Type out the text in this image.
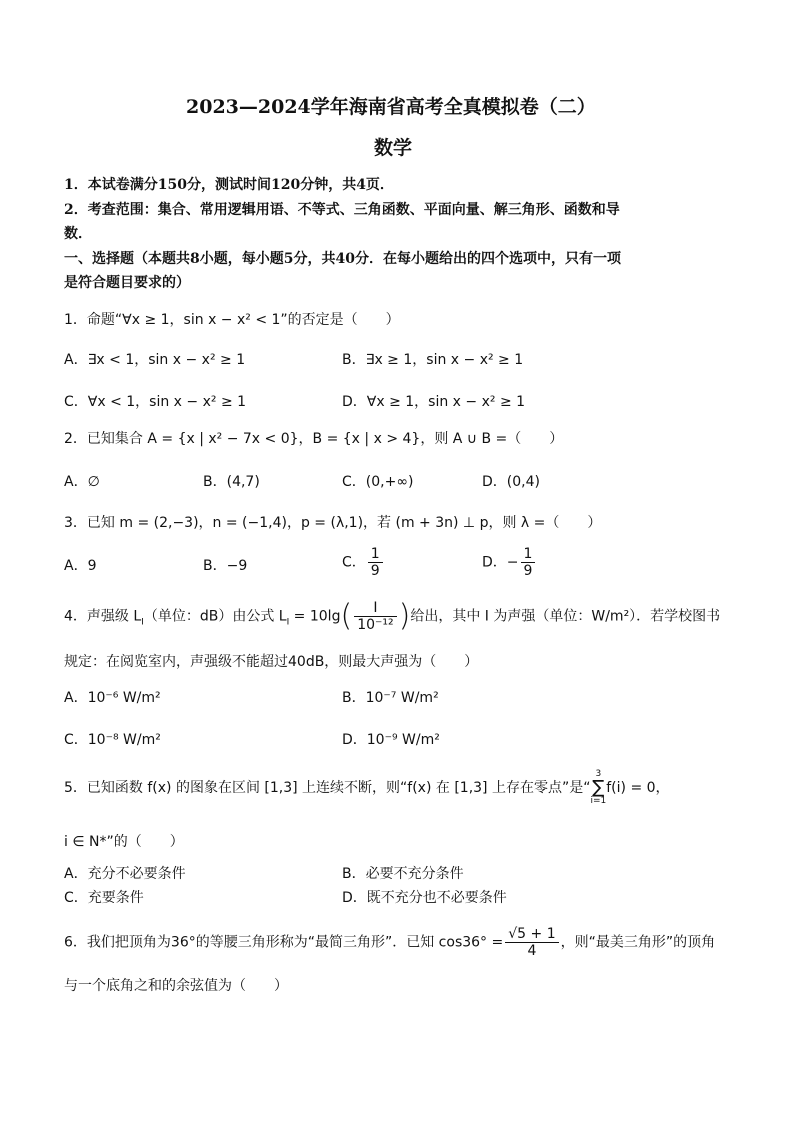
2023—2024学年海南省高考全真模拟卷（二）
数学
1．本试卷满分150分，测试时间120分钟，共4页．
2．考查范围：集合、常用逻辑用语、不等式、三角函数、平面向量、解三角形、函数和导
数．
一、选择题（本题共8小题，每小题5分，共40分．在每小题给出的四个选项中，只有一项
是符合题目要求的）
1．命题“∀x ≥ 1，sin x − x² < 1”的否定是（　　）
A．∃x < 1，sin x − x² ≥ 1	B．∃x ≥ 1，sin x − x² ≥ 1
C．∀x < 1，sin x − x² ≥ 1	D．∀x ≥ 1，sin x − x² ≥ 1
2．已知集合 A = {x | x² − 7x < 0}，B = {x | x > 4}，则 A ∪ B =（　　）
A．∅	B．(4,7)	C．(0,+∞)	D．(0,4)
3．已知 m = (2,−3)，n = (−1,4)，p = (λ,1)，若 (m + 3n) ⊥ p，则 λ =（　　）
A．9	B．−9	C． $\frac{1}{9}$	D．− $\frac{1}{9}$
4．声强级 $L_I$（单位：dB）由公式 $L_I = 10\lg( \frac{I}{\text{10⁻¹²}}$ )给出，其中 I 为声强（单位：W/m²）．若学校图书
规定：在阅览室内，声强级不能超过40dB，则最大声强为（　　）
A．10⁻⁶ W/m²	B．10⁻⁷ W/m²
C．10⁻⁸ W/m²	D．10⁻⁹ W/m²
5．已知函数 f(x) 的图象在区间 [1,3] 上连续不断，则“f(x) 在 [1,3] 上存在零点”是“3
∑
i=1f(i) = 0，
i ∈ N*”的（　　）
A．充分不必要条件	B．必要不充分条件
C．充要条件	D．既不充分也不必要条件
6．我们把顶角为36°的等腰三角形称为“最简三角形”．已知 $\cos 36^\circ = \frac{√5 + 1}{4}$ ，则“最美三角形”的顶角
与一个底角之和的余弦值为（　　）
